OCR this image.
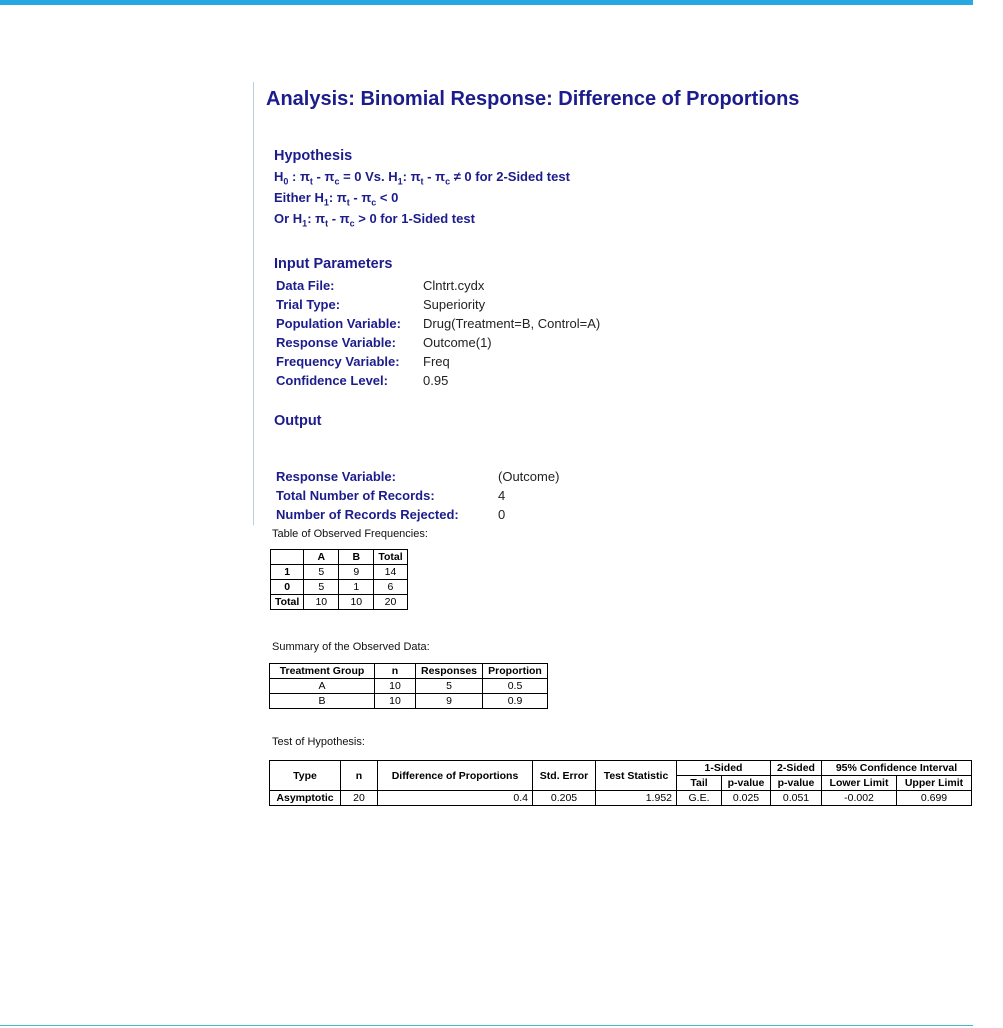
Analysis: Binomial Response: Difference of Proportions
Hypothesis
$H_0$ : $\pi_t - \pi_c = 0$ Vs. $H_1$: $\pi_t - \pi_c \ne 0$ for 2-Sided test
Either $H_1$: $\pi_t - \pi_c < 0$
Or $H_1$: $\pi_t - \pi_c > 0$ for 1-Sided test
Input Parameters
Data File:	Clntrt.cydx
Trial Type:	Superiority
Population Variable: Drug(Treatment=B, Control=A)
Response Variable: Outcome(1)
Frequency Variable: Freq
Confidence Level:	0.95
Output
Response Variable:	(Outcome)
Total Number of Records:	4
Number of Records Rejected:	0
Table of Observed Frequencies:
	A	B	Total
1	5	9	14
0	5	1	6
Total	10	10	20
Summary of the Observed Data:
Treatment Group	n	Responses	Proportion
A	10	5	0.5
B	10	9	0.9
Test of Hypothesis:
Type	n	Difference of Proportions	Std. Error	Test Statistic	1-Sided		2-Sided	95% Confidence Interval	
					Tail	p-value	p-value	Lower Limit	Upper Limit
Asymptotic	20	0.4	0.205	1.952	G.E.	0.025	0.051	-0.002	0.699
